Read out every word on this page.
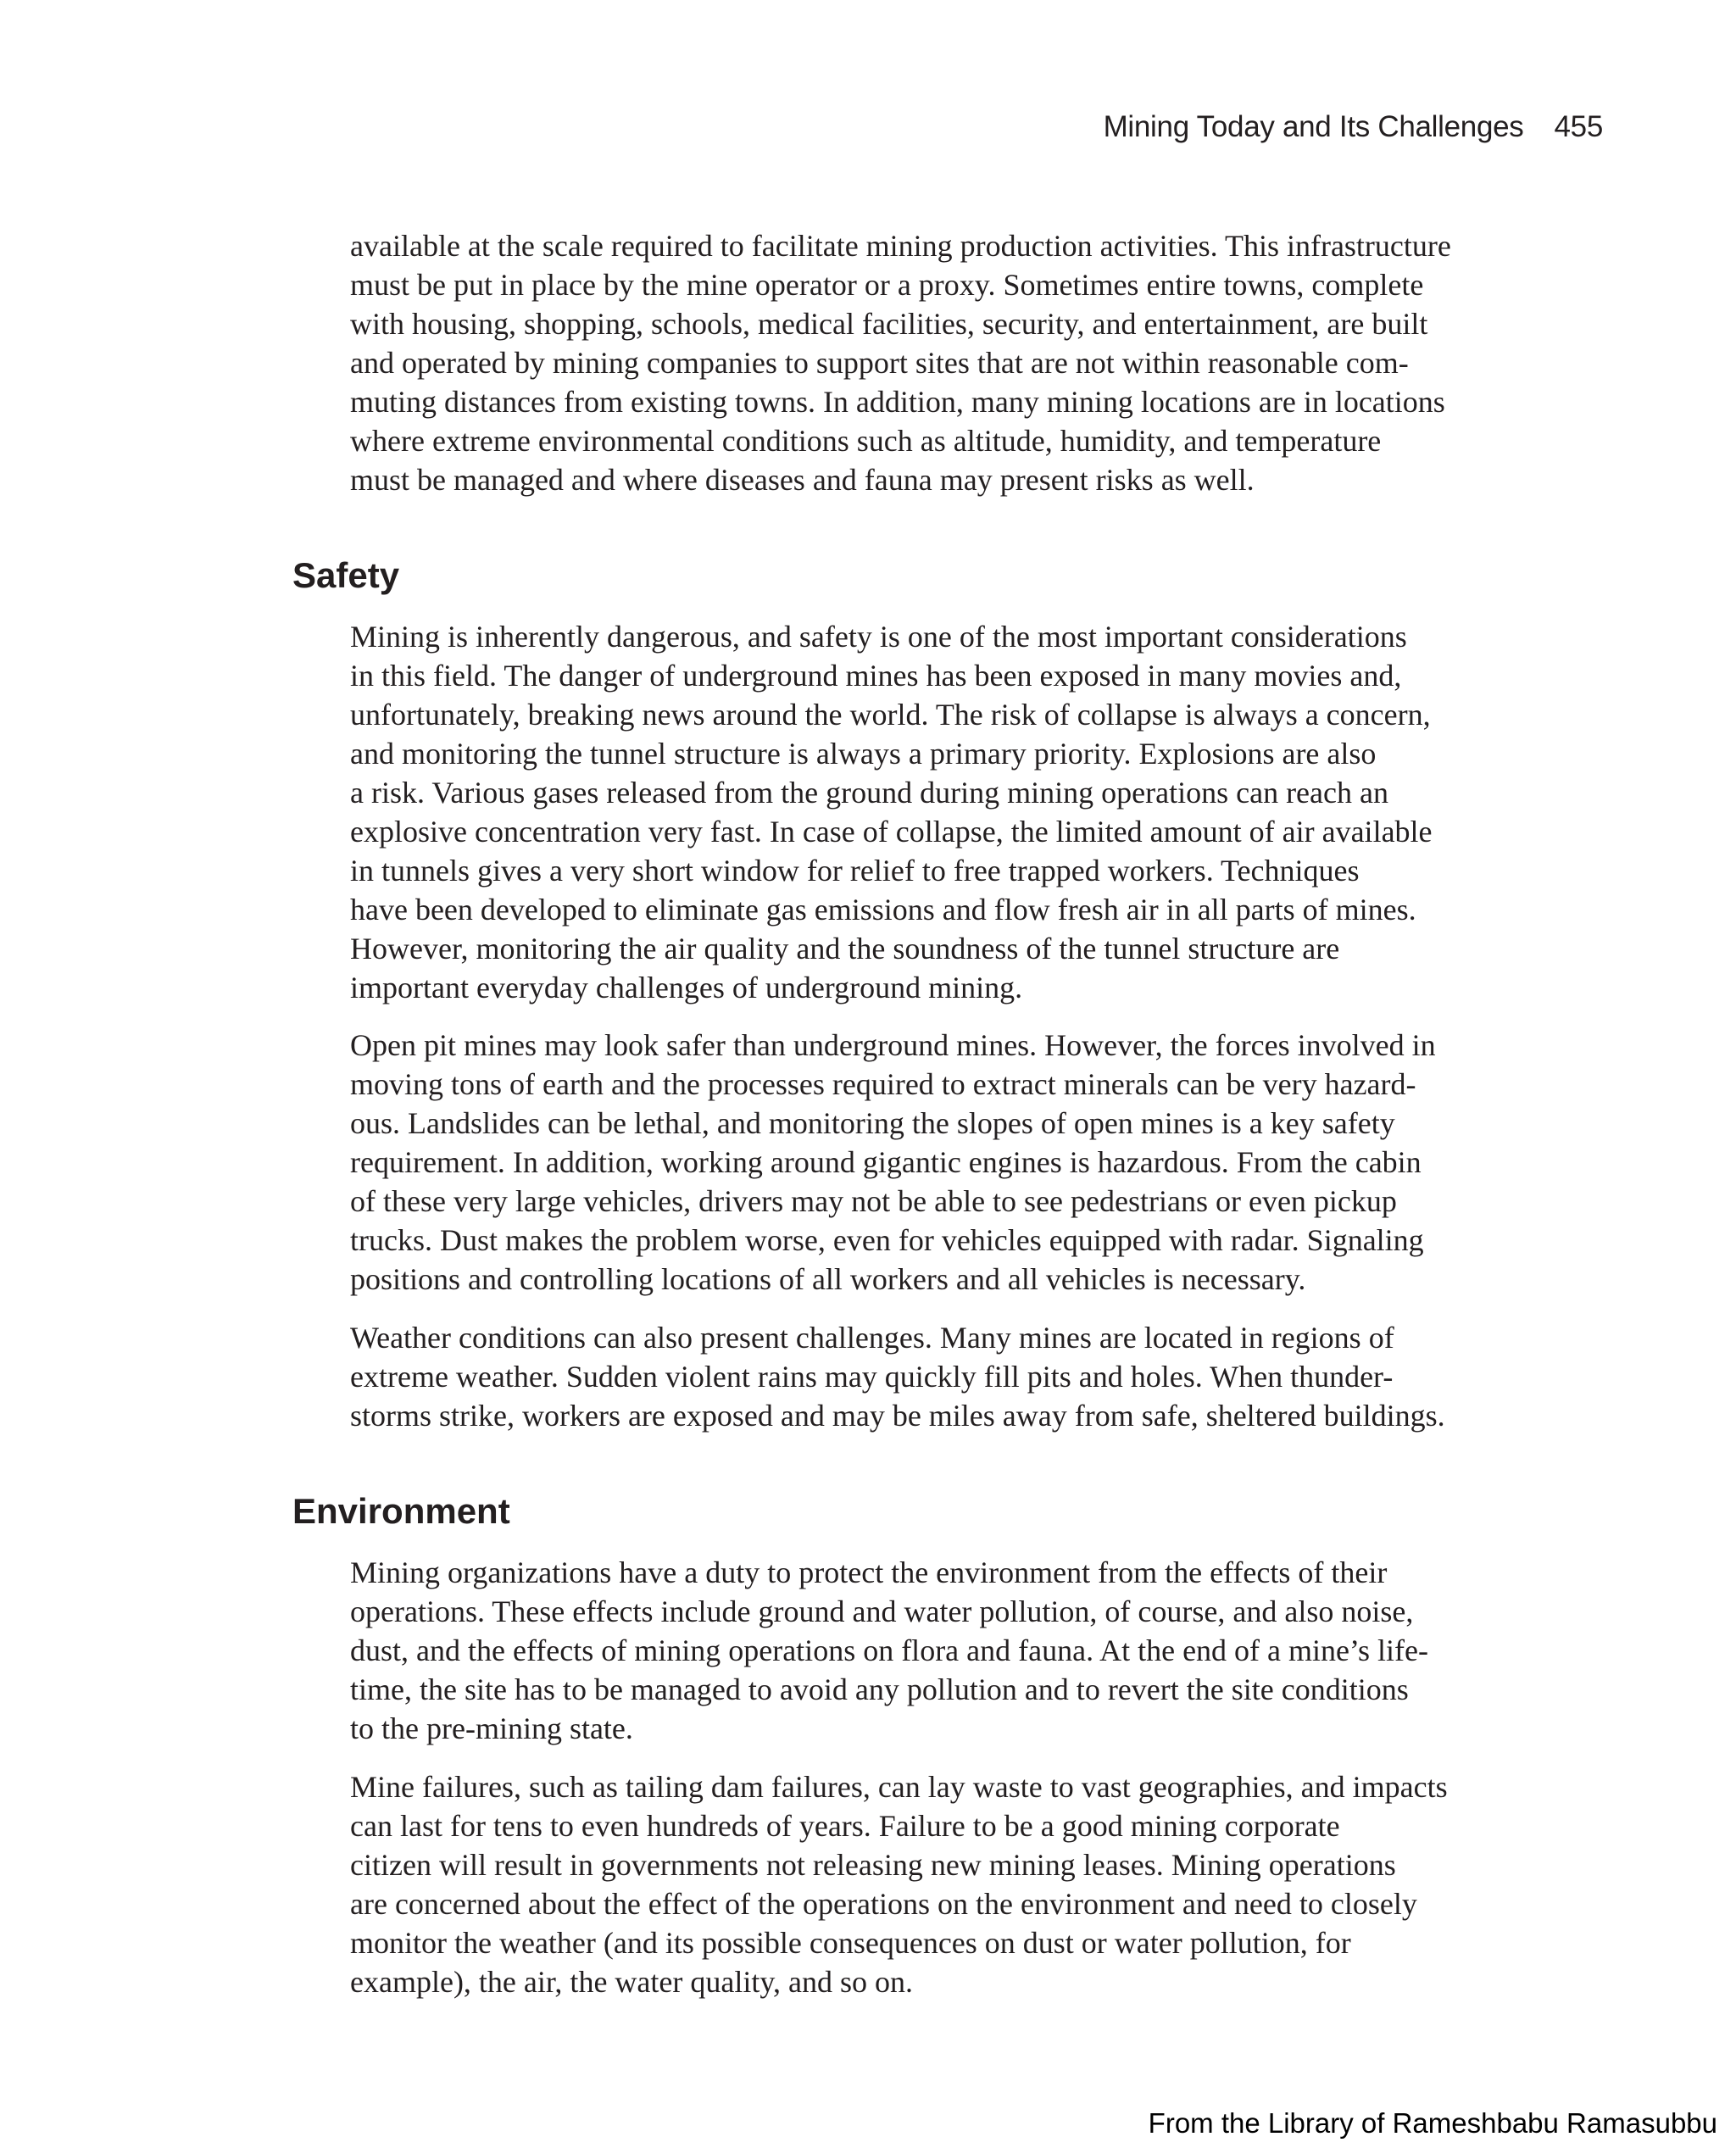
Mining Today and Its Challenges 455

available at the scale required to facilitate mining production activities. This infrastructure
must be put in place by the mine operator or a proxy. Sometimes entire towns, complete
with housing, shopping, schools, medical facilities, security, and entertainment, are built
and operated by mining companies to support sites that are not within reasonable com-
muting distances from existing towns. In addition, many mining locations are in locations
where extreme environmental conditions such as altitude, humidity, and temperature
must be managed and where diseases and fauna may present risks as well.

Safety

Mining is inherently dangerous, and safety is one of the most important considerations
in this field. The danger of underground mines has been exposed in many movies and,
unfortunately, breaking news around the world. The risk of collapse is always a concern,
and monitoring the tunnel structure is always a primary priority. Explosions are also
a risk. Various gases released from the ground during mining operations can reach an
explosive concentration very fast. In case of collapse, the limited amount of air available
in tunnels gives a very short window for relief to free trapped workers. Techniques
have been developed to eliminate gas emissions and flow fresh air in all parts of mines.
However, monitoring the air quality and the soundness of the tunnel structure are
important everyday challenges of underground mining.

Open pit mines may look safer than underground mines. However, the forces involved in
moving tons of earth and the processes required to extract minerals can be very hazard-
ous. Landslides can be lethal, and monitoring the slopes of open mines is a key safety
requirement. In addition, working around gigantic engines is hazardous. From the cabin
of these very large vehicles, drivers may not be able to see pedestrians or even pickup
trucks. Dust makes the problem worse, even for vehicles equipped with radar. Signaling
positions and controlling locations of all workers and all vehicles is necessary.

Weather conditions can also present challenges. Many mines are located in regions of
extreme weather. Sudden violent rains may quickly fill pits and holes. When thunder-
storms strike, workers are exposed and may be miles away from safe, sheltered buildings.

Environment

Mining organizations have a duty to protect the environment from the effects of their
operations. These effects include ground and water pollution, of course, and also noise,
dust, and the effects of mining operations on flora and fauna. At the end of a mine’s life-
time, the site has to be managed to avoid any pollution and to revert the site conditions
to the pre-mining state.

Mine failures, such as tailing dam failures, can lay waste to vast geographies, and impacts
can last for tens to even hundreds of years. Failure to be a good mining corporate
citizen will result in governments not releasing new mining leases. Mining operations
are concerned about the effect of the operations on the environment and need to closely
monitor the weather (and its possible consequences on dust or water pollution, for
example), the air, the water quality, and so on.

From the Library of Rameshbabu Ramasubbu
